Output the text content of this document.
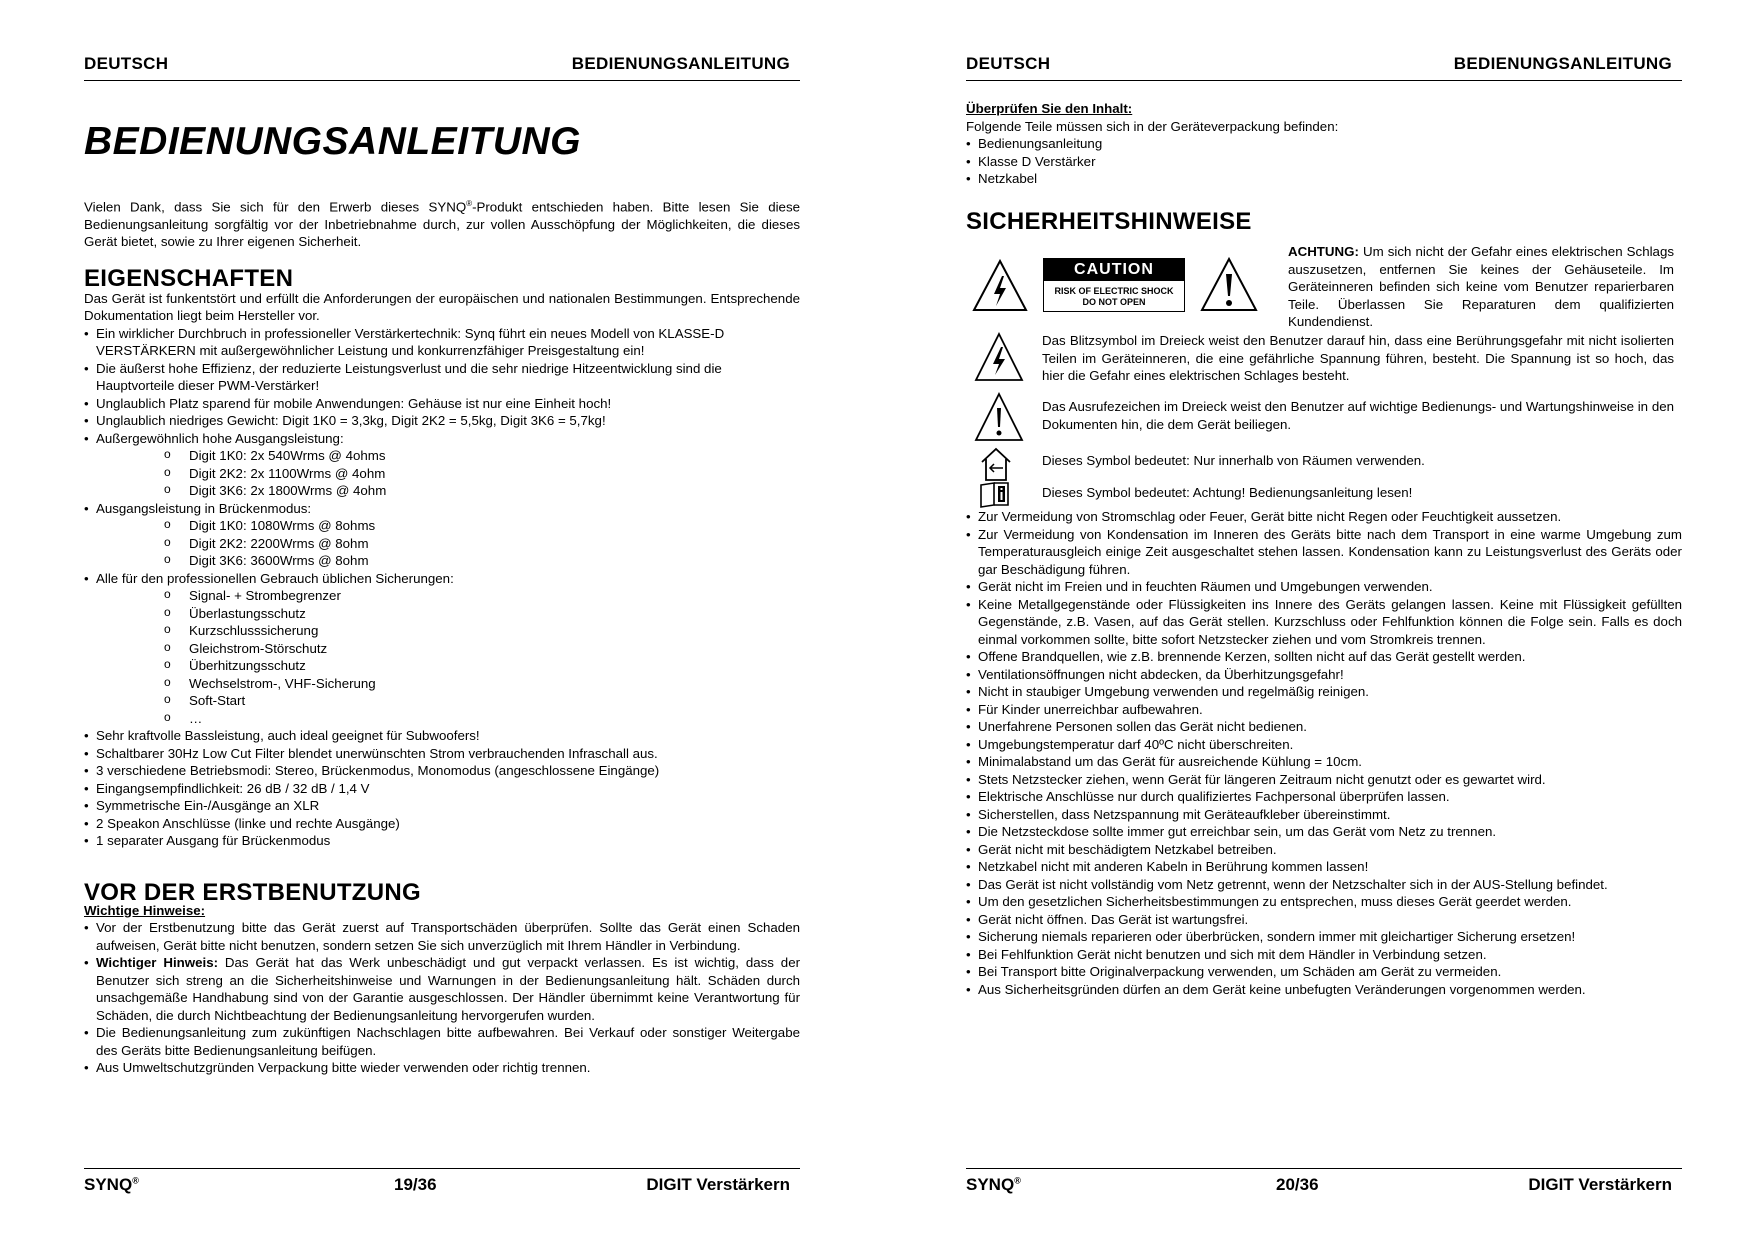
DEUTSCH	BEDIENUNGSANLEITUNG
BEDIENUNGSANLEITUNG

Vielen Dank, dass Sie sich für den Erwerb dieses SYNQ®-Produkt entschieden haben. Bitte lesen Sie diese Bedienungsanleitung sorgfältig vor der Inbetriebnahme durch, zur vollen Ausschöpfung der Möglichkeiten, die dieses Gerät bietet, sowie zu Ihrer eigenen Sicherheit.

EIGENSCHAFTEN

Das Gerät ist funkentstört und erfüllt die Anforderungen der europäischen und nationalen Bestimmungen. Entsprechende Dokumentation liegt beim Hersteller vor.

• Ein wirklicher Durchbruch in professioneller Verstärkertechnik: Synq führt ein neues Modell von KLASSE-D VERSTÄRKERN mit außergewöhnlicher Leistung und konkurrenzfähiger Preisgestaltung ein!
• Die äußerst hohe Effizienz, der reduzierte Leistungsverlust und die sehr niedrige Hitzeentwicklung sind die Hauptvorteile dieser PWM-Verstärker!
• Unglaublich Platz sparend für mobile Anwendungen: Gehäuse ist nur eine Einheit hoch!
• Unglaublich niedriges Gewicht: Digit 1K0 = 3,3kg, Digit 2K2 = 5,5kg, Digit 3K6 = 5,7kg!
• Außergewöhnlich hohe Ausgangsleistung:
o Digit 1K0: 2x 540Wrms @ 4ohms
o Digit 2K2: 2x 1100Wrms @ 4ohm
o Digit 3K6: 2x 1800Wrms @ 4ohm
• Ausgangsleistung in Brückenmodus:
o Digit 1K0: 1080Wrms @ 8ohms
o Digit 2K2: 2200Wrms @ 8ohm
o Digit 3K6: 3600Wrms @ 8ohm
• Alle für den professionellen Gebrauch üblichen Sicherungen:
o Signal- + Strombegrenzer
o Überlastungsschutz
o Kurzschlusssicherung
o Gleichstrom-Störschutz
o Überhitzungsschutz
o Wechselstrom-, VHF-Sicherung
o Soft-Start
o …
• Sehr kraftvolle Bassleistung, auch ideal geeignet für Subwoofers!
• Schaltbarer 30Hz Low Cut Filter blendet unerwünschten Strom verbrauchenden Infraschall aus.
• 3 verschiedene Betriebsmodi: Stereo, Brückenmodus, Monomodus (angeschlossene Eingänge)
• Eingangsempfindlichkeit: 26 dB / 32 dB / 1,4 V
• Symmetrische Ein-/Ausgänge an XLR
• 2 Speakon Anschlüsse (linke und rechte Ausgänge)
• 1 separater Ausgang für Brückenmodus
VOR DER ERSTBENUTZUNG

Wichtige Hinweise:

• Vor der Erstbenutzung bitte das Gerät zuerst auf Transportschäden überprüfen. Sollte das Gerät einen Schaden aufweisen, Gerät bitte nicht benutzen, sondern setzen Sie sich unverzüglich mit Ihrem Händler in Verbindung.
• Wichtiger Hinweis: Das Gerät hat das Werk unbeschädigt und gut verpackt verlassen. Es ist wichtig, dass der Benutzer sich streng an die Sicherheitshinweise und Warnungen in der Bedienungsanleitung hält. Schäden durch unsachgemäße Handhabung sind von der Garantie ausgeschlossen. Der Händler übernimmt keine Verantwortung für Schäden, die durch Nichtbeachtung der Bedienungsanleitung hervorgerufen wurden.
• Die Bedienungsanleitung zum zukünftigen Nachschlagen bitte aufbewahren. Bei Verkauf oder sonstiger Weitergabe des Geräts bitte Bedienungsanleitung beifügen.
• Aus Umweltschutzgründen Verpackung bitte wieder verwenden oder richtig trennen.
SYNQ®	19/36	DIGIT Verstärkern
DEUTSCH	BEDIENUNGSANLEITUNG

Überprüfen Sie den Inhalt:

Folgende Teile müssen sich in der Geräteverpackung befinden:

• Bedienungsanleitung
• Klasse D Verstärker
• Netzkabel
SICHERHEITSHINWEISE
CAUTION
RISK OF ELECTRIC SHOCK
DO NOT OPEN

ACHTUNG: Um sich nicht der Gefahr eines elektrischen Schlags auszusetzen, entfernen Sie keines der Gehäuseteile. Im Geräteinneren befinden sich keine vom Benutzer reparierbaren Teile. Überlassen Sie Reparaturen dem qualifizierten Kundendienst.

Das Blitzsymbol im Dreieck weist den Benutzer darauf hin, dass eine Berührungsgefahr mit nicht isolierten Teilen im Geräteinneren, die eine gefährliche Spannung führen, besteht. Die Spannung ist so hoch, das hier die Gefahr eines elektrischen Schlages besteht.
Das Ausrufezeichen im Dreieck weist den Benutzer auf wichtige Bedienungs- und Wartungshinweise in den Dokumenten hin, die dem Gerät beiliegen.
Dieses Symbol bedeutet: Nur innerhalb von Räumen verwenden.
Dieses Symbol bedeutet: Achtung! Bedienungsanleitung lesen!
• Zur Vermeidung von Stromschlag oder Feuer, Gerät bitte nicht Regen oder Feuchtigkeit aussetzen.
• Zur Vermeidung von Kondensation im Inneren des Geräts bitte nach dem Transport in eine warme Umgebung zum Temperaturausgleich einige Zeit ausgeschaltet stehen lassen. Kondensation kann zu Leistungsverlust des Geräts oder gar Beschädigung führen.
• Gerät nicht im Freien und in feuchten Räumen und Umgebungen verwenden.
• Keine Metallgegenstände oder Flüssigkeiten ins Innere des Geräts gelangen lassen. Keine mit Flüssigkeit gefüllten Gegenstände, z.B. Vasen, auf das Gerät stellen. Kurzschluss oder Fehlfunktion können die Folge sein. Falls es doch einmal vorkommen sollte, bitte sofort Netzstecker ziehen und vom Stromkreis trennen.
• Offene Brandquellen, wie z.B. brennende Kerzen, sollten nicht auf das Gerät gestellt werden.
• Ventilationsöffnungen nicht abdecken, da Überhitzungsgefahr!
• Nicht in staubiger Umgebung verwenden und regelmäßig reinigen.
• Für Kinder unerreichbar aufbewahren.
• Unerfahrene Personen sollen das Gerät nicht bedienen.
• Umgebungstemperatur darf 40ºC nicht überschreiten.
• Minimalabstand um das Gerät für ausreichende Kühlung = 10cm.
• Stets Netzstecker ziehen, wenn Gerät für längeren Zeitraum nicht genutzt oder es gewartet wird.
• Elektrische Anschlüsse nur durch qualifiziertes Fachpersonal überprüfen lassen.
• Sicherstellen, dass Netzspannung mit Geräteaufkleber übereinstimmt.
• Die Netzsteckdose sollte immer gut erreichbar sein, um das Gerät vom Netz zu trennen.
• Gerät nicht mit beschädigtem Netzkabel betreiben.
• Netzkabel nicht mit anderen Kabeln in Berührung kommen lassen!
• Das Gerät ist nicht vollständig vom Netz getrennt, wenn der Netzschalter sich in der AUS-Stellung befindet.
• Um den gesetzlichen Sicherheitsbestimmungen zu entsprechen, muss dieses Gerät geerdet werden.
• Gerät nicht öffnen. Das Gerät ist wartungsfrei.
• Sicherung niemals reparieren oder überbrücken, sondern immer mit gleichartiger Sicherung ersetzen!
• Bei Fehlfunktion Gerät nicht benutzen und sich mit dem Händler in Verbindung setzen.
• Bei Transport bitte Originalverpackung verwenden, um Schäden am Gerät zu vermeiden.
• Aus Sicherheitsgründen dürfen an dem Gerät keine unbefugten Veränderungen vorgenommen werden.
SYNQ®	20/36	DIGIT Verstärkern
